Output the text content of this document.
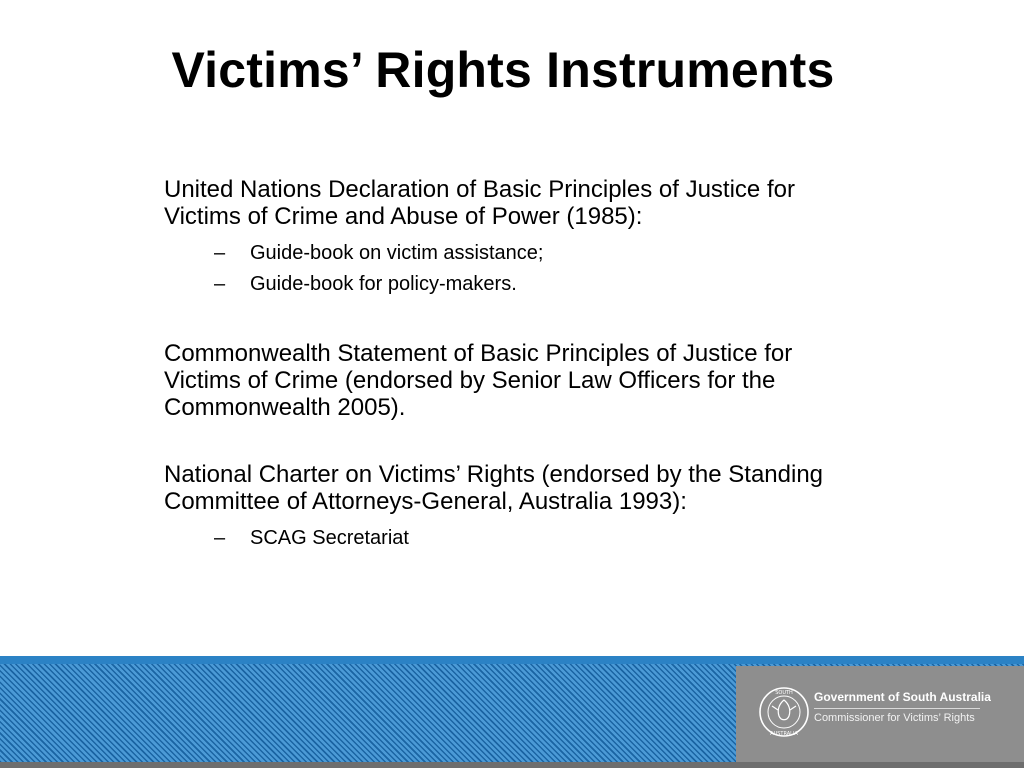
Victims’ Rights Instruments

United Nations Declaration of Basic Principles of Justice for Victims of Crime and Abuse of Power (1985):

– Guide-book on victim assistance;
– Guide-book for policy-makers.

Commonwealth Statement of Basic Principles of Justice for Victims of Crime (endorsed by Senior Law Officers for the Commonwealth 2005).

National Charter on Victims’ Rights (endorsed by the Standing Committee of Attorneys-General, Australia 1993):

– SCAG Secretariat
SOUTH
AUSTRALIA
Government of South Australia
Commissioner for Victims’ Rights
